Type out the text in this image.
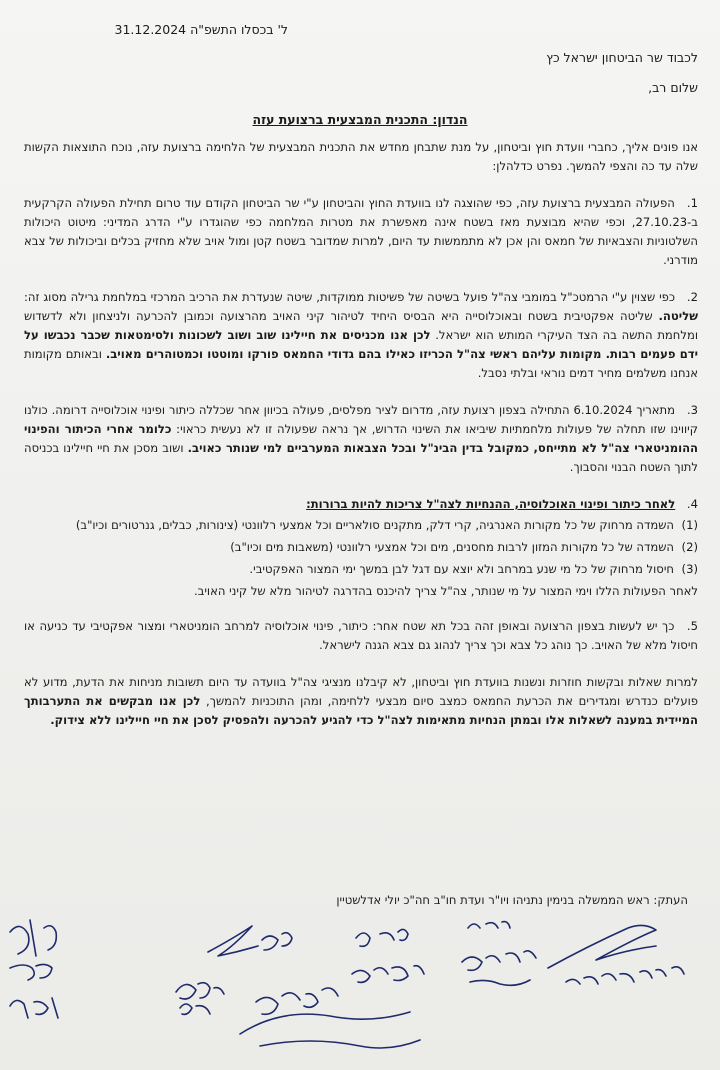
ל' בכסלו התשפ"ה 31.12.2024
לכבוד שר הביטחון ישראל כץ
שלום רב,
הנדון: התכנית המבצעית ברצועת עזה

אנו פונים אליך, כחברי וועדת חוץ וביטחון, על מנת שתבחן מחדש את התכנית המבצעית של הלחימה ברצועת עזה, נוכח התוצאות הקשות שלה עד כה והצפי להמשך. נפרט כדלהלן:

1. הפעולה המבצעית ברצועת עזה, כפי שהוצגה לנו בוועדת החוץ והביטחון ע"י שר הביטחון הקודם עוד טרום תחילת הפעולה הקרקעית ב-27.10.23, וכפי שהיא מבוצעת מאז בשטח אינה מאפשרת את מטרות המלחמה כפי שהוגדרו ע"י הדרג המדיני: מיטוט היכולות השלטוניות והצבאיות של חמאס והן אכן לא מתממשות עד היום, למרות שמדובר בשטח קטן ומול אויב שלא מחזיק בכלים וביכולות של צבא מודרני.

2. כפי שצוין ע"י הרמטכ"ל במומבי צה"ל פועל בשיטה של פשיטות ממוקדות, שיטה שנעדרת את הרכיב המרכזי במלחמת גרילה מסוג זה: שליטה. שליטה אפקטיבית בשטח ובאוכלוסייה היא הבסיס היחיד לטיהור קיני האויב מהרצועה וכמובן להכרעה ולניצחון ולא לדשדוש ומלחמת התשה בה הצד העיקרי המותש הוא ישראל. לכן אנו מכניסים את חיילינו שוב ושוב לשכונות ולסימטאות שכבר נכבשו על ידם פעמים רבות. מקומות עליהם ראשי צה"ל הכריזו כאילו בהם גדודי החמאס פורקו ומוטטו וכמטוהרים מאויב. ובאותם מקומות אנחנו משלמים מחיר דמים נוראי ובלתי נסבל.

3. מתאריך 6.10.2024 התחילה בצפון רצועת עזה, מדרום לציר מפלסים, פעולה בכיוון אחר שכללה כיתור ופינוי אוכלוסייה דרומה. כולנו קיווינו שזו תחלה של פעולות מלחמתיות שיביאו את השינוי הדרוש, אך נראה שפעולה זו לא נעשית כראוי: כלומר אחרי הכיתור והפינוי ההומניטארי צה"ל לא מתייחס, כמקובל בדין הבינ"ל ובכל הצבאות המערביים למי שנותר כאויב. ושוב מסכן את חיי חיילינו בכניסה לתוך השטח הבנוי והסבוך.

4. לאחר כיתור ופינוי האוכלוסיה, ההנחיות לצה"ל צריכות להיות ברורות:
(1)
השמדה מרחוק של כל מקורות האנרגיה, קרי דלק, מתקנים סולאריים וכל אמצעי רלוונטי (צינורות, כבלים, גנרטורים וכיו"ב)
(2)
השמדה של כל מקורות המזון לרבות מחסנים, מים וכל אמצעי רלוונטי (משאבות מים וכיו"ב)
(3)
חיסול מרחוק של כל מי שנע במרחב ולא יוצא עם דגל לבן במשך ימי המצור האפקטיבי.
לאחר הפעולות הללו וימי המצור על מי שנותר, צה"ל צריך להיכנס בהדרגה לטיהור מלא של קיני האויב.

5. כך יש לעשות בצפון הרצועה ובאופן זהה בכל תא שטח אחר: כיתור, פינוי אוכלוסיה למרחב הומניטארי ומצור אפקטיבי עד כניעה או חיסול מלא של האויב. כך נוהג כל צבא וכך צריך לנהוג גם צבא הגנה לישראל.

למרות שאלות ובקשות חוזרות ונשנות בוועדת חוץ וביטחון, לא קיבלנו מנציגי צה"ל בוועדה עד היום תשובות מניחות את הדעת, מדוע לא פועלים כנדרש ומגדירים את הכרעת החמאס כמצב סיום מבצעי ללחימה, ומהן התוכניות להמשך, לכן אנו מבקשים את התערבותך המיידית במענה לשאלות אלו ובמתן הנחיות מתאימות לצה"ל כדי להגיע להכרעה ולהפסיק לסכן את חיי חיילינו ללא צידוק.

העתק: ראש הממשלה בנימין נתניהו ויו"ר ועדת חו"ב חה"כ יולי אדלשטיין
